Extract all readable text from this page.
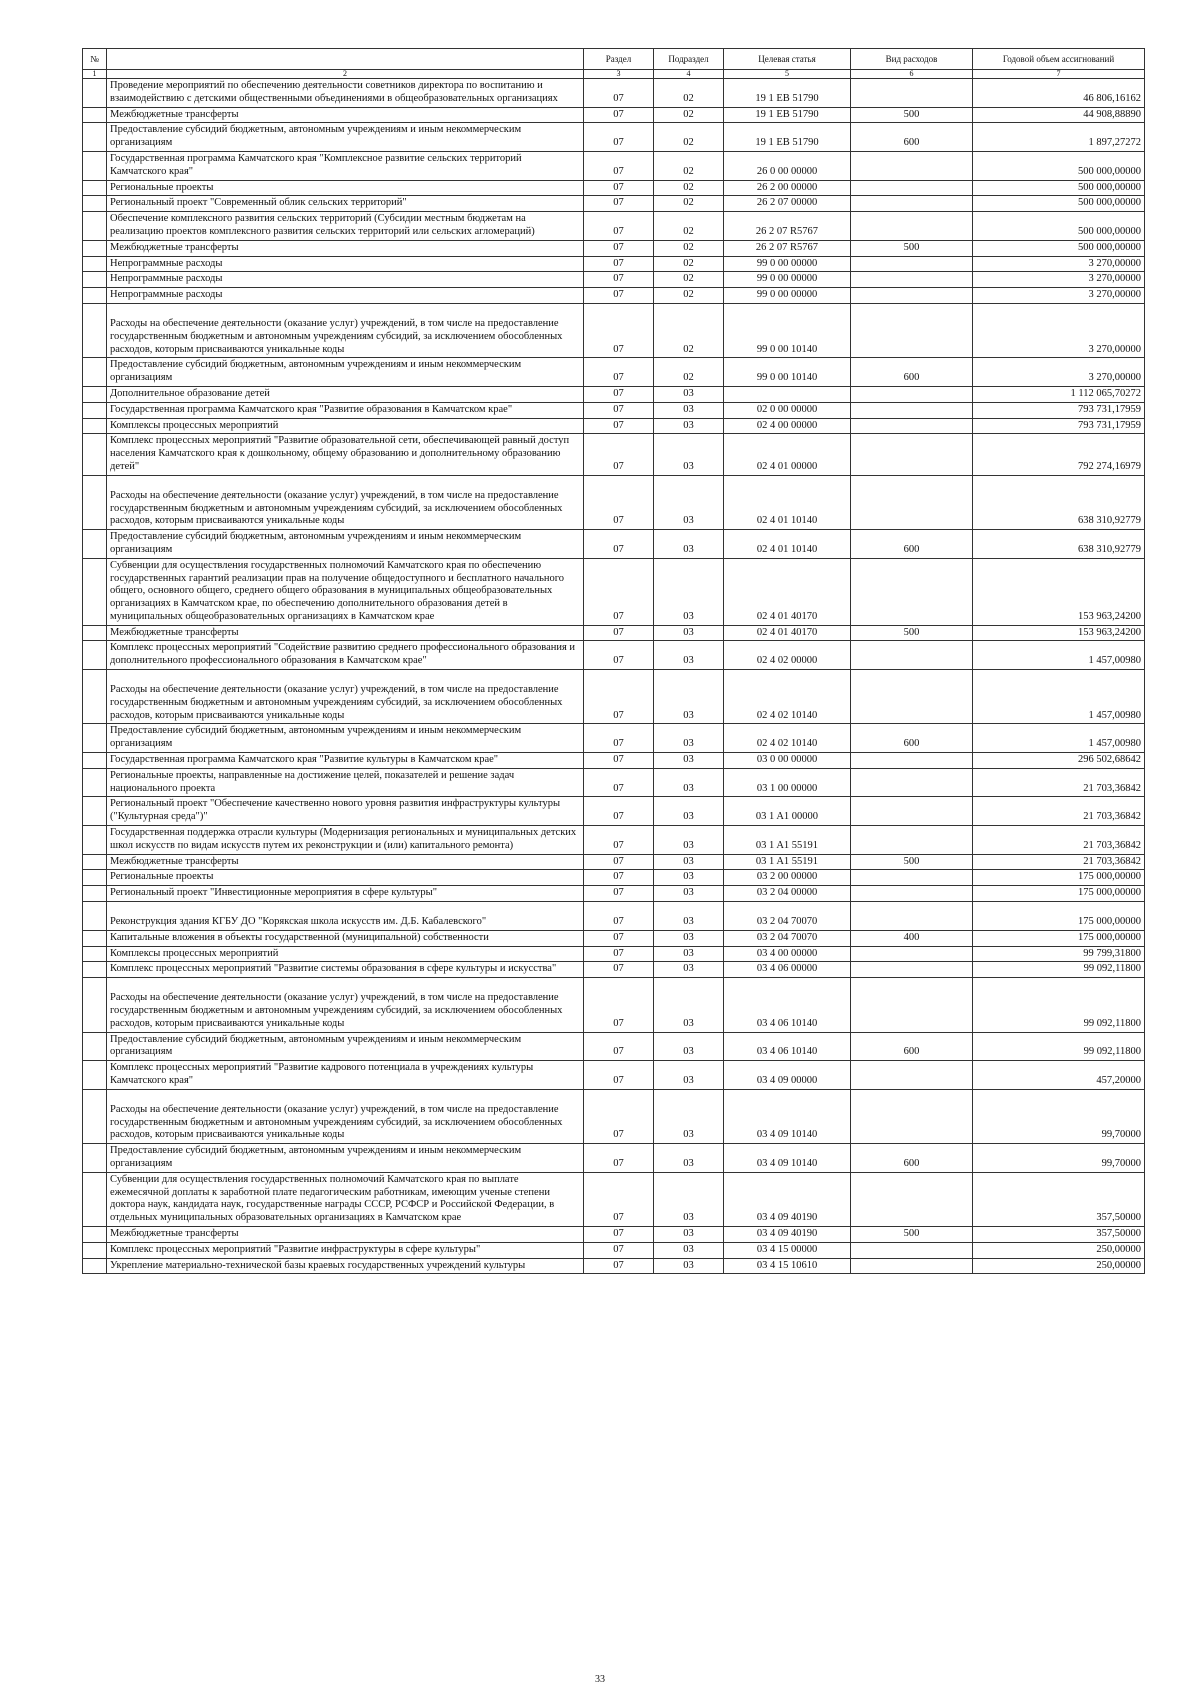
№		Раздел	Подраздел	Целевая статья	Вид расходов	Годовой объем ассигнований
1	2	3	4	5	6	7
	Проведение мероприятий по обеспечению деятельности советников директора по воспитанию и взаимодействию с детскими общественными объединениями в общеобразовательных организациях	07	02	19 1 ЕВ 51790		46 806,16162
	Межбюджетные трансферты	07	02	19 1 ЕВ 51790	500	44 908,88890
	Предоставление субсидий бюджетным, автономным учреждениям и иным некоммерческим организациям	07	02	19 1 ЕВ 51790	600	1 897,27272
	Государственная программа Камчатского края "Комплексное развитие сельских территорий Камчатского края"	07	02	26 0 00 00000		500 000,00000
	Региональные проекты	07	02	26 2 00 00000		500 000,00000
	Региональный проект "Современный облик сельских территорий"	07	02	26 2 07 00000		500 000,00000
	Обеспечение комплексного развития сельских территорий (Субсидии местным бюджетам на реализацию проектов комплексного развития сельских территорий или сельских агломераций)	07	02	26 2 07 R5767		500 000,00000
	Межбюджетные трансферты	07	02	26 2 07 R5767	500	500 000,00000
	Непрограммные расходы	07	02	99 0 00 00000		3 270,00000
	Непрограммные расходы	07	02	99 0 00 00000		3 270,00000
	Непрограммные расходы	07	02	99 0 00 00000		3 270,00000
	Расходы на обеспечение деятельности (оказание услуг) учреждений, в том числе на предоставление государственным бюджетным и автономным учреждениям субсидий, за исключением обособленных расходов, которым присваиваются уникальные коды	07	02	99 0 00 10140		3 270,00000
	Предоставление субсидий бюджетным, автономным учреждениям и иным некоммерческим организациям	07	02	99 0 00 10140	600	3 270,00000
	Дополнительное образование детей	07	03			1 112 065,70272
	Государственная программа Камчатского края "Развитие образования в Камчатском крае"	07	03	02 0 00 00000		793 731,17959
	Комплексы процессных мероприятий	07	03	02 4 00 00000		793 731,17959
	Комплекс процессных мероприятий "Развитие образовательной сети, обеспечивающей равный доступ населения Камчатского края к дошкольному, общему образованию и дополнительному образованию детей"	07	03	02 4 01 00000		792 274,16979
	Расходы на обеспечение деятельности (оказание услуг) учреждений, в том числе на предоставление государственным бюджетным и автономным учреждениям субсидий, за исключением обособленных расходов, которым присваиваются уникальные коды	07	03	02 4 01 10140		638 310,92779
	Предоставление субсидий бюджетным, автономным учреждениям и иным некоммерческим организациям	07	03	02 4 01 10140	600	638 310,92779
	Субвенции для осуществления государственных полномочий Камчатского края по обеспечению государственных гарантий реализации прав на получение общедоступного и бесплатного начального общего, основного общего, среднего общего образования в муниципальных общеобразовательных организациях в Камчатском крае, по обеспечению дополнительного образования детей в муниципальных общеобразовательных организациях в Камчатском крае	07	03	02 4 01 40170		153 963,24200
	Межбюджетные трансферты	07	03	02 4 01 40170	500	153 963,24200
	Комплекс процессных мероприятий "Содействие развитию среднего профессионального образования и дополнительного профессионального образования в Камчатском крае"	07	03	02 4 02 00000		1 457,00980
	Расходы на обеспечение деятельности (оказание услуг) учреждений, в том числе на предоставление государственным бюджетным и автономным учреждениям субсидий, за исключением обособленных расходов, которым присваиваются уникальные коды	07	03	02 4 02 10140		1 457,00980
	Предоставление субсидий бюджетным, автономным учреждениям и иным некоммерческим организациям	07	03	02 4 02 10140	600	1 457,00980
	Государственная программа Камчатского края "Развитие культуры в Камчатском крае"	07	03	03 0 00 00000		296 502,68642
	Региональные проекты, направленные на достижение целей, показателей и решение задач национального проекта	07	03	03 1 00 00000		21 703,36842
	Региональный проект "Обеспечение качественно нового уровня развития инфраструктуры культуры ("Культурная среда")"	07	03	03 1 A1 00000		21 703,36842
	Государственная поддержка отрасли культуры (Модернизация региональных и муниципальных детских школ искусств по видам искусств путем их реконструкции и (или) капитального ремонта)	07	03	03 1 A1 55191		21 703,36842
	Межбюджетные трансферты	07	03	03 1 A1 55191	500	21 703,36842
	Региональные проекты	07	03	03 2 00 00000		175 000,00000
	Региональный проект "Инвестиционные мероприятия в сфере культуры"	07	03	03 2 04 00000		175 000,00000
	Реконструкция здания КГБУ ДО "Корякская школа искусств им. Д.Б. Кабалевского"	07	03	03 2 04 70070		175 000,00000
	Капитальные вложения в объекты государственной (муниципальной) собственности	07	03	03 2 04 70070	400	175 000,00000
	Комплексы процессных мероприятий	07	03	03 4 00 00000		99 799,31800
	Комплекс процессных мероприятий "Развитие системы образования в сфере культуры и искусства"	07	03	03 4 06 00000		99 092,11800
	Расходы на обеспечение деятельности (оказание услуг) учреждений, в том числе на предоставление государственным бюджетным и автономным учреждениям субсидий, за исключением обособленных расходов, которым присваиваются уникальные коды	07	03	03 4 06 10140		99 092,11800
	Предоставление субсидий бюджетным, автономным учреждениям и иным некоммерческим организациям	07	03	03 4 06 10140	600	99 092,11800
	Комплекс процессных мероприятий "Развитие кадрового потенциала в учреждениях культуры Камчатского края"	07	03	03 4 09 00000		457,20000
	Расходы на обеспечение деятельности (оказание услуг) учреждений, в том числе на предоставление государственным бюджетным и автономным учреждениям субсидий, за исключением обособленных расходов, которым присваиваются уникальные коды	07	03	03 4 09 10140		99,70000
	Предоставление субсидий бюджетным, автономным учреждениям и иным некоммерческим организациям	07	03	03 4 09 10140	600	99,70000
	Субвенции для осуществления государственных полномочий Камчатского края по выплате ежемесячной доплаты к заработной плате педагогическим работникам, имеющим ученые степени доктора наук, кандидата наук, государственные награды СССР, РСФСР и Российской Федерации, в отдельных муниципальных образовательных организациях в Камчатском крае	07	03	03 4 09 40190		357,50000
	Межбюджетные трансферты	07	03	03 4 09 40190	500	357,50000
	Комплекс процессных мероприятий "Развитие инфраструктуры в сфере культуры"	07	03	03 4 15 00000		250,00000
	Укрепление материально-технической базы краевых государственных учреждений культуры	07	03	03 4 15 10610		250,00000
33
